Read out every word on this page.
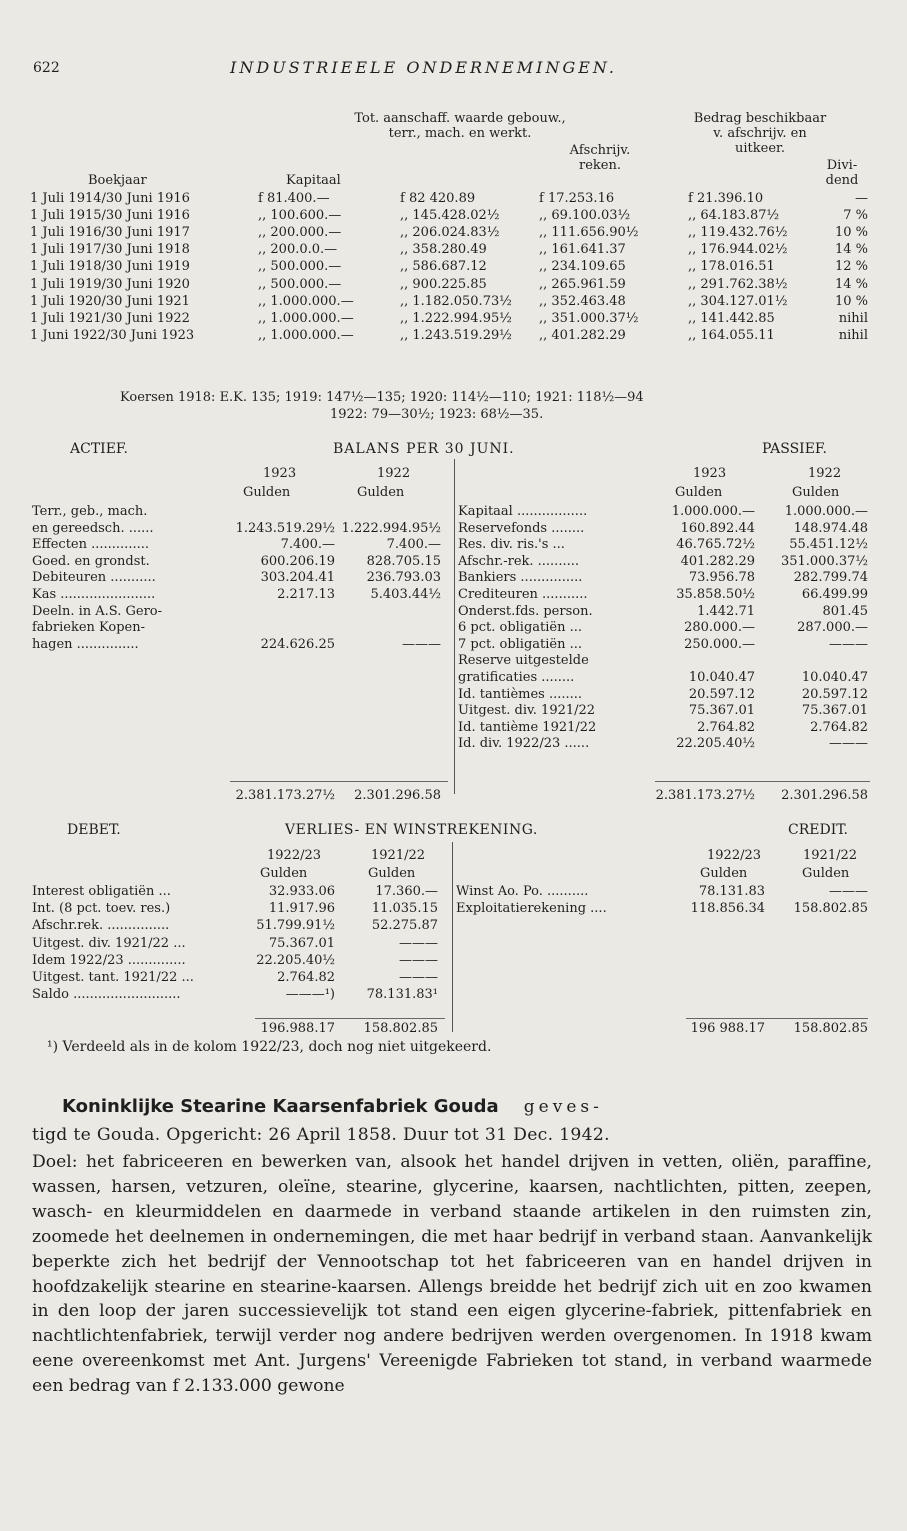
622	INDUSTRIEELE ONDERNEMINGEN.
Boekjaar	Kapitaal
Tot. aanschaff. waarde gebouw., terr., mach. en werkt.
Afschrijv. reken.
Bedrag beschikbaar v. afschrijv. en uitkeer.
Divi-dend
1 Juli 1914/30 Juni 1916	f 81.400.—	f 82 420.89	f 17.253.16	f 21.396.10	—
1 Juli 1915/30 Juni 1916	,, 100.600.—	,, 145.428.02½	,, 69.100.03½	,, 64.183.87½	7 %
1 Juli 1916/30 Juni 1917	,, 200.000.—	,, 206.024.83½	,, 111.656.90½	,, 119.432.76½	10 %
1 Juli 1917/30 Juni 1918	,, 200.0.0.—	,, 358.280.49	,, 161.641.37	,, 176.944.02½	14 %
1 Juli 1918/30 Juni 1919	,, 500.000.—	,, 586.687.12	,, 234.109.65	,, 178.016.51	12 %
1 Juli 1919/30 Juni 1920	,, 500.000.—	,, 900.225.85	,, 265.961.59	,, 291.762.38½	14 %
1 Juli 1920/30 Juni 1921	,, 1.000.000.—	,, 1.182.050.73½ ,, 352.463.48	,, 304.127.01½	10 %
1 Juli 1921/30 Juni 1922	,, 1.000.000.—	,, 1.222.994.95½ ,, 351.000.37½	,, 141.442.85	nihil
1 Juni 1922/30 Juni 1923	,, 1.000.000.—	,, 1.243.519.29½ ,, 401.282.29	,, 164.055.11	nihil
Koersen 1918: E.K. 135; 1919: 147½—135; 1920: 114½—110; 1921: 118½—94
1922: 79—30½; 1923: 68½—35.
ACTIEF.	BALANS PER 30 JUNI.	PASSIEF.
1923	1922
Gulden	Gulden
1923	1922
Gulden	Gulden
Terr., geb., mach.
en gereedsch. ......	1.243.519.29½ 1.222.994.95½
Effecten ..............	7.400.—	7.400.—
Goed. en grondst.	600.206.19	828.705.15
Debiteuren ...........	303.204.41	236.793.03
Kas .......................	2.217.13	5.403.44½
Deeln. in A.S. Gero-
fabrieken Kopen-
hagen ...............	224.626.25	———
Kapitaal .................	1.000.000.—	1.000.000.—
Reservefonds ........	160.892.44	148.974.48
Res. div. ris.'s ...	46.765.72½	55.451.12½
Afschr.-rek. ..........	401.282.29	351.000.37½
Bankiers ...............	73.956.78	282.799.74
Crediteuren ...........	35.858.50½	66.499.99
Onderst.fds. person.	1.442.71	801.45
6 pct. obligatiën ...	280.000.—	287.000.—
7 pct. obligatiën ...	250.000.—	———
Reserve uitgestelde
gratificaties ........	10.040.47	10.040.47
Id. tantièmes ........	20.597.12	20.597.12
Uitgest. div. 1921/22	75.367.01	75.367.01
Id. tantième 1921/22	2.764.82	2.764.82
Id. div. 1922/23 ......	22.205.40½	———
2.381.173.27½	2.301.296.58	2.381.173.27½	2.301.296.58
DEBET.	VERLIES- EN WINSTREKENING.	CREDIT.
1922/23	1921/22
Gulden	Gulden
1922/23	1921/22
Gulden	Gulden
Interest obligatiën ...	32.933.06	17.360.—
Int. (8 pct. toev. res.)	11.917.96	11.035.15
Afschr.rek. ...............	51.799.91½	52.275.87
Uitgest. div. 1921/22 ...	75.367.01	———
Idem 1922/23 ..............	22.205.40½	———
Uitgest. tant. 1921/22 ...	2.764.82	———
Saldo ..........................	———¹)	78.131.83¹
Winst Ao. Po. ..........	78.131.83	———
Exploitatierekening ....	118.856.34	158.802.85
196.988.17	158.802.85	196 988.17	158.802.85
¹) Verdeeld als in de kolom 1922/23, doch nog niet uitgekeerd.
Koninklijke Stearine Kaarsenfabriek Gouda geves-
tigd te Gouda. Opgericht: 26 April 1858. Duur tot 31 Dec. 1942.
Doel: het fabriceeren en bewerken van, alsook het handel drijven in vetten, oliën, paraffine, wassen, harsen, vetzuren, oleïne, stearine, glycerine, kaarsen, nachtlichten, pitten, zeepen, wasch- en kleurmiddelen en daarmede in verband staande artikelen in den ruimsten zin, zoomede het deelnemen in ondernemingen, die met haar bedrijf in verband staan. Aanvankelijk beperkte zich het bedrijf der Vennootschap tot het fabriceeren van en handel drijven in hoofdzakelijk stearine en stearine-kaarsen. Allengs breidde het bedrijf zich uit en zoo kwamen in den loop der jaren successievelijk tot stand een eigen glycerine-fabriek, pittenfabriek en nachtlichtenfabriek, terwijl verder nog andere bedrijven werden overgenomen. In 1918 kwam eene overeenkomst met Ant. Jurgens' Vereenigde Fabrieken tot stand, in verband waarmede een bedrag van f 2.133.000 gewone
